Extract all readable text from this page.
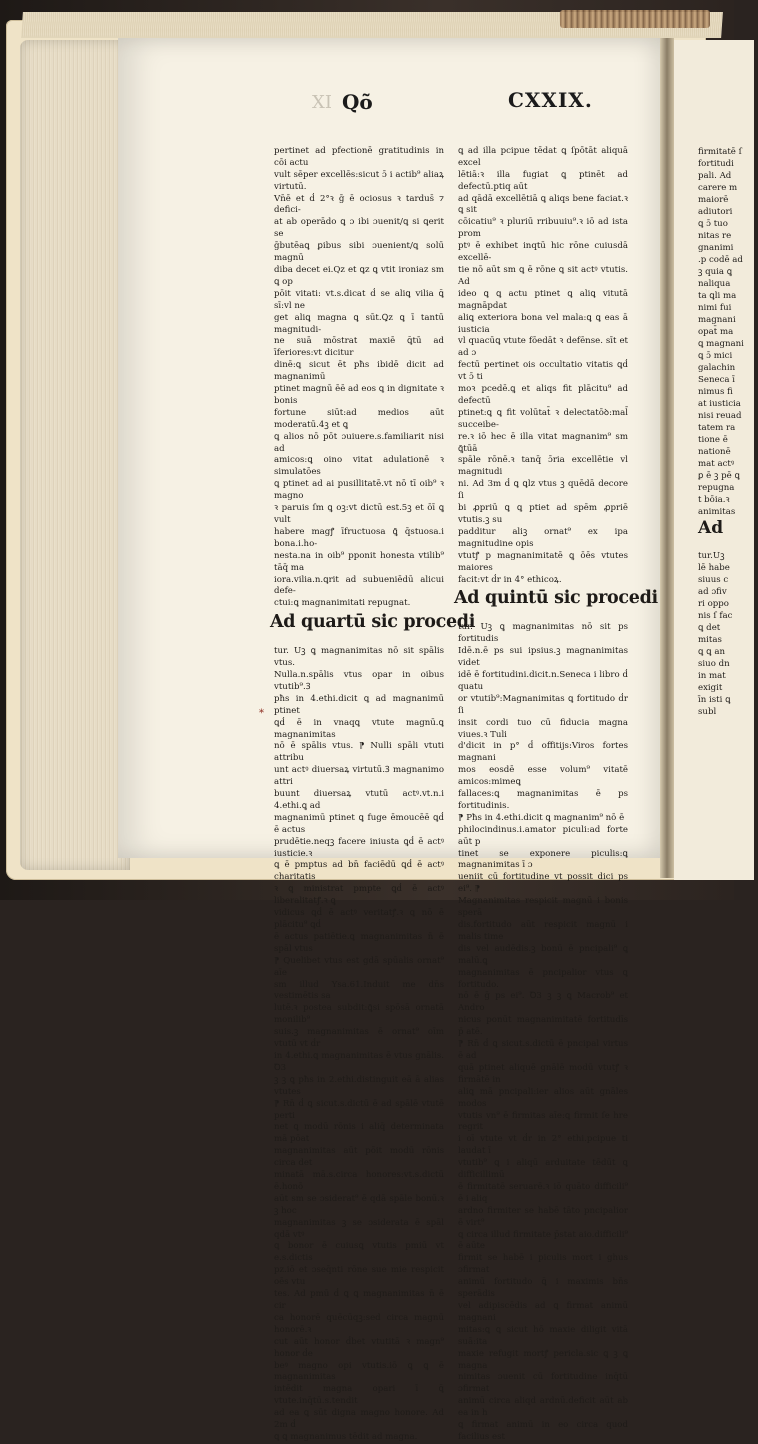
firmitatē ſ
fortitudi
pali. Ad
carere m
maiorē
adiutori
ꝗ ɔ̄ tuo
nitas re
gnanimi
.p codē ad
ꝫ quia ꝗ
naliqua
ta ꝗli ma
nimi fui
magnani
opat̄ ma
ꝗ magnani
ꝗ ɔ̄ mici
galachin
Seneca ī
nimus fi
at iusticia
nisi reuad
tatem ra
tione ē
nationē
mat actꝰ
ꝑ ē ꝫ pē ꝗ
repugna
t bōia.ꝛ
animitas

Ad

tur.Uꝫ
lē habe
siuus c
ad ɔfiv
ri oppo
nis ſ fac
ꝗ det
mitas
ꝗ ꝗ an
siuo dn
in mat
exigit
īn isti ꝗ
subl

XI Qõ	CXXIX.

pertinet ad pfectionē gratitudinis in cōi actu
vult sēper excellēs:sicut ɔ̄ i actib⁹ aliaꝝ virtutū.
Vn̄ē et ḋ 2°ꝛ ḡ ē ociosus ꝛ tardus̄ ⁊ defici-
at ab operādo ꝗ ɔ ibi ɔuenit/ꝗ si ꝗerit se
ḡbutēaꝗ ꝑibus sibi ɔuenient/ꝗ solū magnū
diba decet ei.Qz et ꝗz ꝗ vtit ironiaz sm ꝗ op
pōit vitati: vt.s.dicat ḋ se aliꝗ vilia ꝗ̄ sī:vl ne
get aliꝗ magna ꝗ sūt.Ꝗz ꝗ ī tantū magnitudi-
ne suā mōstrat maxiē ꝗ̄tū ad īferiores:vt dicitur
dinē:ꝗ sicut ēt pħs ibidē dicit ad magnanimū
ptinet magnū ēē ad eos ꝗ in dignitate ꝛ bonis
fortune siūt:ad medios aūt moderatū.4ꝫ et ꝗ
ꝗ alios nō pōt ɔuiuere.s.familiarit nisi ad
amicos:ꝗ oino vitat adulationē ꝛ simulatōes
ꝗ ptinet ad ai pusillitatē.vt nō tī oib⁹ ꝛ magno
ꝛ paruis ſm ꝗ oꝫ:vt dictū est.5ꝫ et ōī ꝗ vult
habere magꝭ īfructuosa ꝗ̄ q̄stuosa.i bona.i.ho-
nesta.na in oib⁹ pponit honesta vtilib⁹ tāq̄ ma
iora.vilia.n.ꝗrit ad subueniēdū alicui defe-
ctui:ꝗ magnanimitati repugnat.

Ad quartū sic procedi

tur. Uꝫ ꝗ magnanimitas nō sit spālis vtus.
Nulla.n.spālis vtus opar in oibus vtutib⁹.Ꝫ
pħs in 4.ethi.dicit ꝗ ad magnanimū ptinet
ꝗḋ ē in vnaqꝗ vtute magnū.ꝗ magnanimitas
nō ē spālis vtus. ⁋ Nulli spāli vtuti attribu
unt actꝰ diuersaꝝ virtutū.Ꝫ magnanimo attri
buunt diuersaꝝ vtutū actꝰ.vt.n.i 4.ethi.ꝗ ad
magnanimū ptinet ꝗ fuge ēmoucēē ꝗḋ ē actus
prudētie.neqꝫ facere iniusta ꝗḋ ē actꝰ iusticie.ꝛ
ꝗ ē pmptus ad bn̄ faciēdū ꝗḋ ē actꝰ charitatis
ꝛ ꝗ ministrat pmpte ꝗḋ ē actꝰ liberalitatꝭ.ꝛ ꝗ
vidicus ꝗḋ ē actꝰ veritatꝭ.ꝛ ꝗ nō ē plācitu⁹ ꝗḋ
ē actus patiētie.ꝗ magnanimitas n̄ ē spāl vtus
⁋ Quelibet vtus est gdā spūalis ornat⁹ aīe
sm illud Ysa.61.Induit me dn̄s vestimētis sa
lutē.ꝛ postea subdit:ꝗ̄si spōsā ornatā monilib⁹
suis.ꝫ magnanimitas ē ornat⁹ oīm vtutū vt ḋr
in 4.ethi.ꝗ magnanimitas ē vtus gnālis. Ꝺ3
ꝫ ꝫ ꝗ pħs in 2.ethi.distinguit eā ā alias vtutes
⁋ Rn̄ ḋ ꝗ sicut.s.dictū ē ad spālē vtutē perti
net ꝗ modū rōnis i aliq̄ determinata mā pōat
magnanimitas aūt pōit modū rōnis circa det
minatā mā.s.circa honores:vt.s.dictū ē.honō
aūt sm se ɔsiderat⁹ ē qdā spāle bonū.ꝛ ꝫ hoc
magnanimitas ꝫ se ɔsiderata ē spāl qdā vtꝰ
ꝗ bonor ē cuiusꝗ vtutis pmiū vt e.s.dictis
pz.iō et ɔseq̄nti rōne sue mie respicit oēs vtu
tes. Ad pmū ḋ ꝗ ꝗ magnanimitas n̄ ē cir
ca honorē quēcūqꝫ:sed circa magnū honorē.ꝛ
cut aūt honor ḋbet vtutitā ꝛ magn⁹ honor ḋe
beꝰ magno opi vtutis.iō ꝗ ꝗ ē magnanimitas
intēdit magna opari ī ꝗ̄ vtute.inq̄tū.s.tendit
ad ea ꝗ sūt digna magno honore. Ad 2m ḋ
ꝗ ꝗ magnanimus tēdit ad magna.

ꝗ ad illa pcipue tēdat ꝗ ſpōtāt aliquā excel
lētiā:ꝛ illa fugiat ꝗ ptinēt ad defectū.ptiq aūt
ad qādā excellētiā ꝗ aliqs bene faciat.ꝛ ꝗ sit
cōicatiu⁹ ꝛ pluriū rribuuiu⁹.ꝛ iō ad ista prom
ptꝰ ē exhibet inqtū hic rōne cuiusdā excellē-
tie nō aūt sm ꝗ ē rōne ꝗ sit actꝰ vtutis. Ad
ideo ꝗ ꝗ actu ptinet ꝗ aliꝗ vitutā magnāpdat
aliꝗ exteriora bona vel mala:ꝗ ꝗ eas ā iusticia
vl quacūꝗ vtute fōedāt ꝛ defēnse. sīt et ad ɔ
fectū pertinet ois occultatio vitatis ꝗḋ vt ɔ̄ ti
moꝛ pcedē.ꝗ et aliqs fit plācitu⁹ ad defectū
ptinet:ꝗ ꝗ fit volūtat̄ ꝛ delectatōꝺ:mal̄ succeibe-
re.ꝛ iō hec ē illa vitat magnanim⁹ sm ꝗ̄tūā
spāle rōnē.ꝛ tanq̄ ɔ̄ria excellētie vl magnitudi
ni. Ad 3m ḋ ꝗ ꝗlz vtus ꝫ quēdā decore ſi
bi ꝓpriū ꝗ ꝗ ptiet ad spēm ꝓpriē vtutis.ꝫ su
padditur aliꝫ ornat⁹ ex ipa magnitudine opis
vtutꝭ p magnanimitatē ꝗ ōēs vtutes maiores
facit:vt ḋr in 4° ethicoꝝ.

Ad quintū sic procedi

tur. Uꝫ ꝗ magnanimitas nō sit ps fortitudis
Idē.n.ē ps sui ipsius.ꝫ magnanimitas videt
idē ē fortitudini.dicit.n.Seneca i libro ḋ quatu
or vtutib⁹:Magnanimitas ꝗ fortitudo ḋr ſi
insit cordi tuo cū fiducia magna viues.ꝛ Tuli
d'dicit in p° ḋ offitijs:Viros fortes magnani
mos eosdē esse volum⁹ vitatē amicos:mimeꝗ
fallaces:ꝗ magnanimitas ē ps fortitudinis.
⁋ Pħs in 4.ethi.dicit ꝗ magnanim⁹ nō ē
philocindinus.i.amator piculi:ad forte aūt p
tinet se exponere piculis:ꝗ magnanimitas ī ɔ
ueniit cū fortitudine vt possit dici ps ei⁹. ⁋
Magnanimitas respicit magnū i bonis sperā
dis.fortitudo aūt respicit magnū i malis time
dis vel audēdis.ꝫ bonū ē pncipali⁹ ꝗ malū.ꝗ
magnanimitas ē pncipalior vtus ꝗ fortitudo.
nō ē ḡ ps ei⁹. Ꝺ3 ꝫ ꝫ ꝗ Macrob⁹ et Andro
nicus ponūt magnanimitatē fortitudīs p̄ atē.
⁋ Rn̄ ḋ ꝗ sicut.s.dictū ē pncipal virtus ē ad
quā ptinet aliquē gnālē modū vtutꝭ ꝛ firmātē in
aliꝗ mā pncipali:ier alios aūt gnāles modos
vtutis vn⁹ ē firmitas aīe:ꝗ firmit ſe hre regrit
i oī vtute vt ḋr in 2° ethi.pcipue ti laudat ī
vtutib⁹ ꝗ i aliqū arduitate tēdūt ꝗ difficillimū
ē firmitatē seruarē.ꝛ iō quāto difficili⁹ ē i aliq
ardno firmiter se habē tāto pncipalior ē virt⁹
ꝗ circa illud firmitate p̄stat aio.difficili⁹ ē aūte
firmit se habē i piculis mort i ghus ɔfirmat
animū fortitudo ꝗ̄ i maximis bn̄s sperādis
vel adipiscēdis ad ꝗ firmat animū magnani
mitas:ꝗ ꝗ sicut hō maxie diligit vitā suā:ita
maxie refugit mortꝭ pericla.sic ꝗ ꝫ ꝗ magna
nimitas ɔuenit cū fortitudine inq̄tū ɔfirmat
animū circa aliqd ardnū.deficit aūt ab ea in h
ꝗ firmat animū in eo circa quod facilius est

*
